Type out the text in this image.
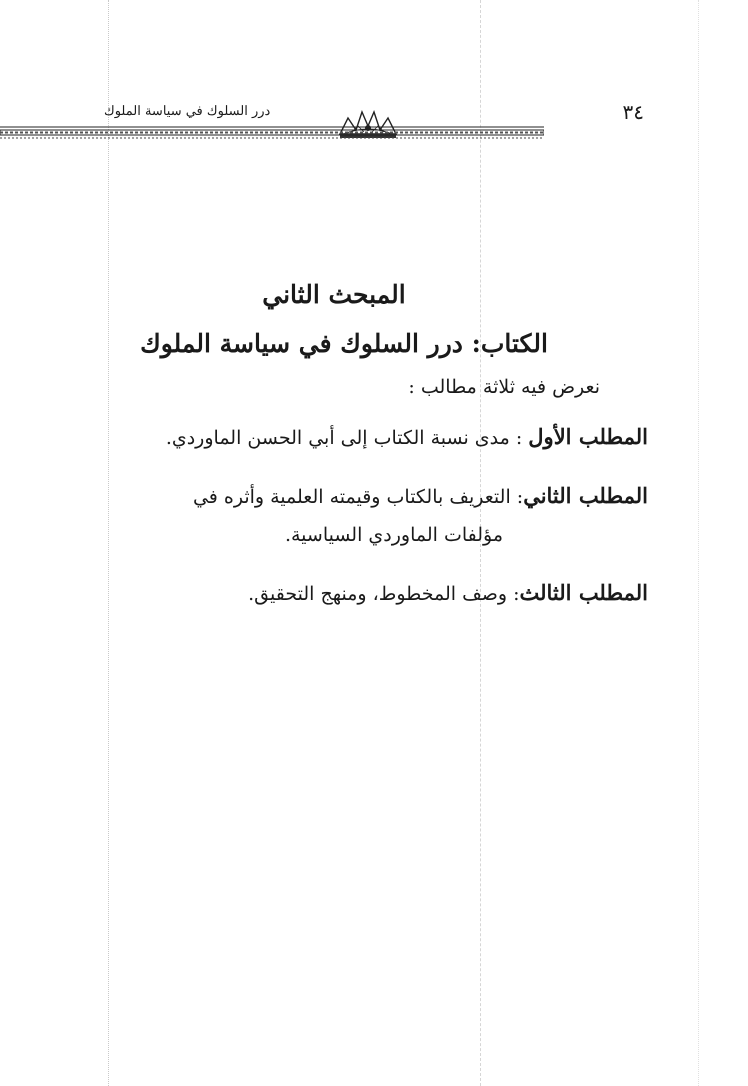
درر السلوك في سياسة الملوك	٣٤
المبحث الثاني
الكتاب: درر السلوك في سياسة الملوك

نعرض فيه ثلاثة مطالب :

المطلب الأول : مدى نسبة الكتاب إلى أبي الحسن الماوردي.

المطلب الثاني: التعريف بالكتاب وقيمته العلمية وأثره في

مؤلفات الماوردي السياسية.

المطلب الثالث: وصف المخطوط، ومنهج التحقيق.
